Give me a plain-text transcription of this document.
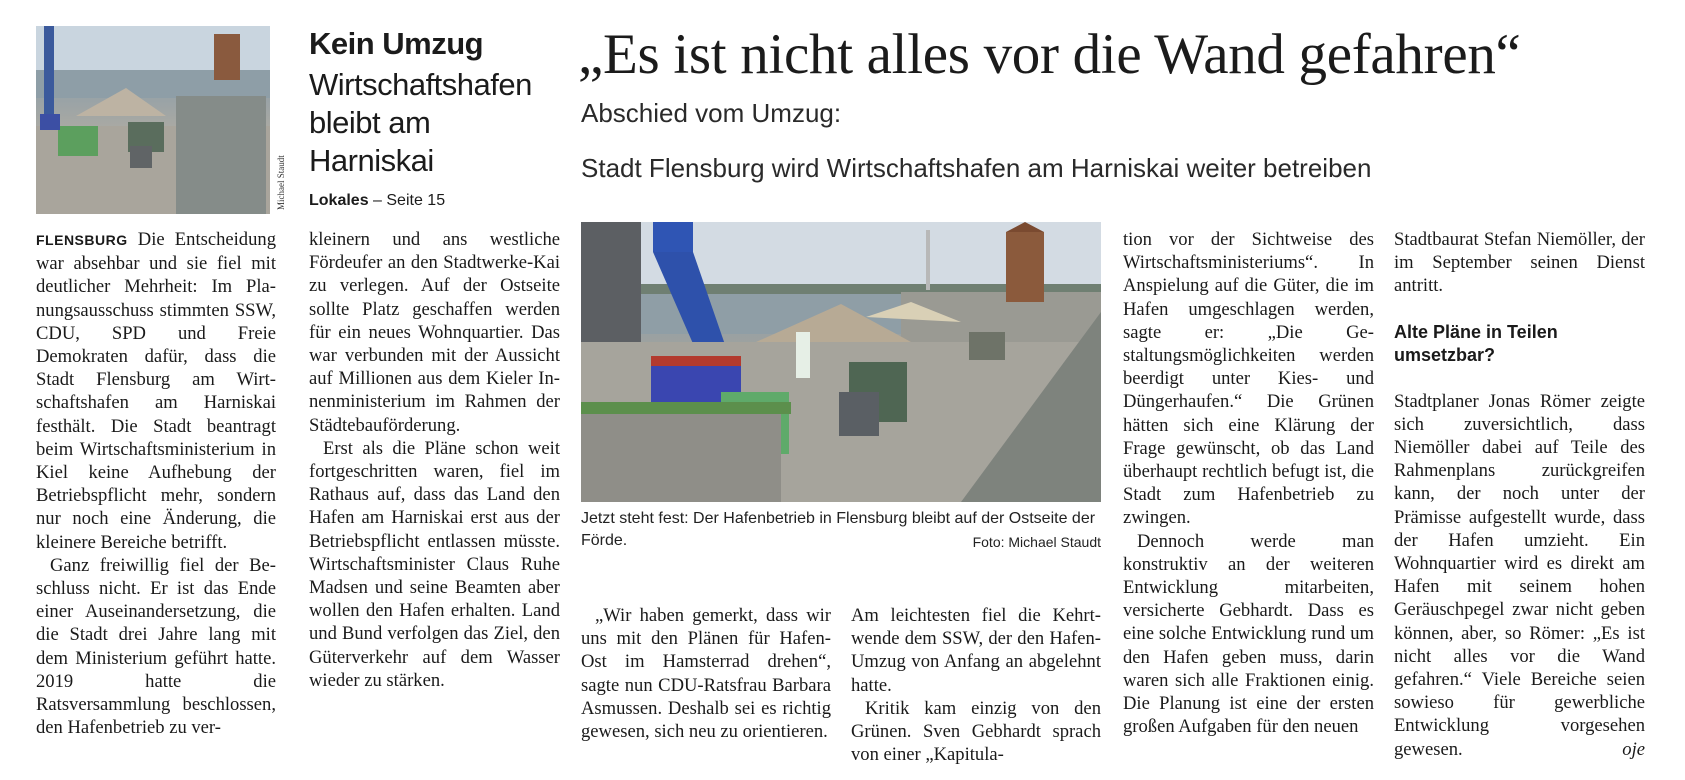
Michael Staudt
Kein Umzug
Wirtschaftshafen
bleibt am
Harniskai
Lokales – Seite 15
„Es ist nicht alles vor die Wand gefahren“
Abschied vom Umzug:
Stadt Flensburg wird Wirtschaftshafen am Harniskai weiter betreiben
Jetzt steht fest: Der Hafenbetrieb in Flensburg bleibt auf der Ostseite der Förde.	Foto: Michael Staudt

FLENSBURG Die Entscheidung war absehbar und sie fiel mit deutlicher Mehrheit: Im Planungsausschuss stimmten SSW, CDU, SPD und Freie Demokraten dafür, dass die Stadt Flensburg am Wirtschaftshafen am Harniskai festhält. Die Stadt beantragt beim Wirtschaftsministerium in Kiel keine Aufhebung der Betriebspflicht mehr, sondern nur noch eine Änderung, die kleinere Bereiche betrifft.

Ganz freiwillig fiel der Beschluss nicht. Er ist das Ende einer Auseinandersetzung, die die Stadt drei Jahre lang mit dem Ministerium geführt hatte. 2019 hatte die Ratsversammlung beschlossen, den Hafenbetrieb zu ver-

kleinern und ans westliche Fördeufer an den Stadtwerke-Kai zu verlegen. Auf der Ostseite sollte Platz geschaffen werden für ein neues Wohnquartier. Das war verbunden mit der Aussicht auf Millionen aus dem Kieler Innenministerium im Rahmen der Städtebauförderung.

Erst als die Pläne schon weit fortgeschritten waren, fiel im Rathaus auf, dass das Land den Hafen am Harniskai erst aus der Betriebspflicht entlassen müsste. Wirtschaftsminister Claus Ruhe Madsen und seine Beamten aber wollen den Hafen erhalten. Land und Bund verfolgen das Ziel, den Güterverkehr auf dem Wasser wieder zu stärken.

„Wir haben gemerkt, dass wir uns mit den Plänen für Hafen-Ost im Hamsterrad drehen“, sagte nun CDU-Ratsfrau Barbara Asmussen. Deshalb sei es richtig gewesen, sich neu zu orientieren.

Am leichtesten fiel die Kehrtwende dem SSW, der den Hafen-Umzug von Anfang an abgelehnt hatte.

Kritik kam einzig von den Grünen. Sven Gebhardt sprach von einer „Kapitula-

tion vor der Sichtweise des Wirtschaftsministeriums“. In Anspielung auf die Güter, die im Hafen umgeschlagen werden, sagte er: „Die Gestaltungsmöglichkeiten werden beerdigt unter Kies- und Düngerhaufen.“ Die Grünen hätten sich eine Klärung der Frage gewünscht, ob das Land überhaupt rechtlich befugt ist, die Stadt zum Hafenbetrieb zu zwingen.

Dennoch werde man konstruktiv an der weiteren Entwicklung mitarbeiten, versicherte Gebhardt. Dass es eine solche Entwicklung rund um den Hafen geben muss, darin waren sich alle Fraktionen einig. Die Planung ist eine der ersten großen Aufgaben für den neuen

Stadtbaurat Stefan Niemöller, der im September seinen Dienst antritt.

Alte Pläne in Teilen umsetzbar?

Stadtplaner Jonas Römer zeigte sich zuversichtlich, dass Niemöller dabei auf Teile des Rahmenplans zurückgreifen kann, der noch unter der Prämisse aufgestellt wurde, dass der Hafen umzieht. Ein Wohnquartier wird es direkt am Hafen mit seinem hohen Geräuschpegel zwar nicht geben können, aber, so Römer: „Es ist nicht alles vor die Wand gefahren.“ Viele Bereiche seien sowieso für gewerbliche Entwicklung vorgesehen gewesen.	oje
